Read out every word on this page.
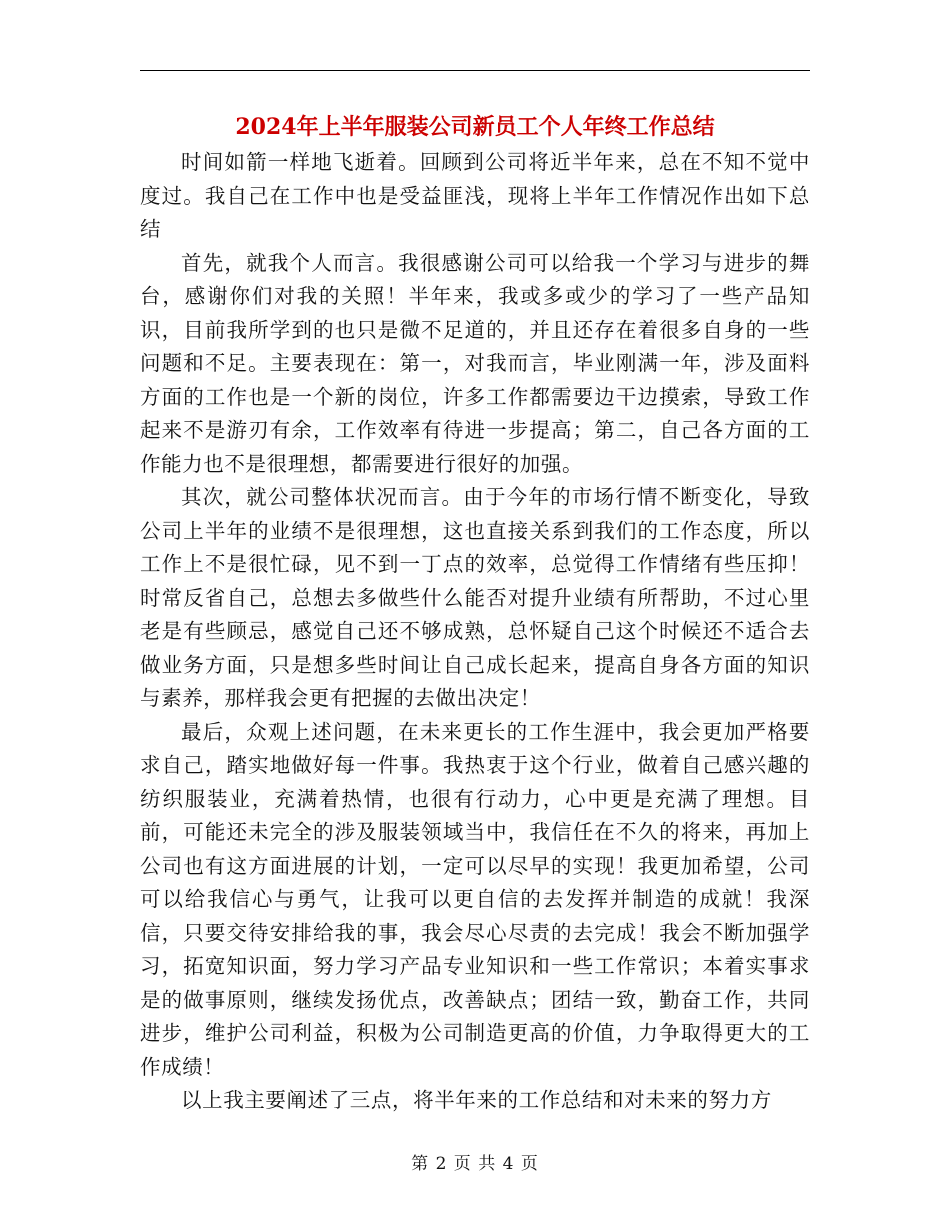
2024年上半年服装公司新员工个人年终工作总结

时间如箭一样地飞逝着。回顾到公司将近半年来，总在不知不觉中度过。我自己在工作中也是受益匪浅，现将上半年工作情况作出如下总结

首先，就我个人而言。我很感谢公司可以给我一个学习与进步的舞台，感谢你们对我的关照！半年来，我或多或少的学习了一些产品知识，目前我所学到的也只是微不足道的，并且还存在着很多自身的一些问题和不足。主要表现在：第一，对我而言，毕业刚满一年，涉及面料方面的工作也是一个新的岗位，许多工作都需要边干边摸索，导致工作起来不是游刃有余，工作效率有待进一步提高；第二，自己各方面的工作能力也不是很理想，都需要进行很好的加强。

其次，就公司整体状况而言。由于今年的市场行情不断变化，导致公司上半年的业绩不是很理想，这也直接关系到我们的工作态度，所以工作上不是很忙碌，见不到一丁点的效率，总觉得工作情绪有些压抑！时常反省自己，总想去多做些什么能否对提升业绩有所帮助，不过心里老是有些顾忌，感觉自己还不够成熟，总怀疑自己这个时候还不适合去做业务方面，只是想多些时间让自己成长起来，提高自身各方面的知识与素养，那样我会更有把握的去做出决定！

最后，众观上述问题，在未来更长的工作生涯中，我会更加严格要求自己，踏实地做好每一件事。我热衷于这个行业，做着自己感兴趣的纺织服装业，充满着热情，也很有行动力，心中更是充满了理想。目前，可能还未完全的涉及服装领域当中，我信任在不久的将来，再加上公司也有这方面进展的计划，一定可以尽早的实现！我更加希望，公司可以给我信心与勇气，让我可以更自信的去发挥并制造的成就！我深信，只要交待安排给我的事，我会尽心尽责的去完成！我会不断加强学习，拓宽知识面，努力学习产品专业知识和一些工作常识；本着实事求是的做事原则，继续发扬优点，改善缺点；团结一致，勤奋工作，共同进步，维护公司利益，积极为公司制造更高的价值，力争取得更大的工作成绩！

以上我主要阐述了三点，将半年来的工作总结和对未来的努力方

第 2 页 共 4 页
